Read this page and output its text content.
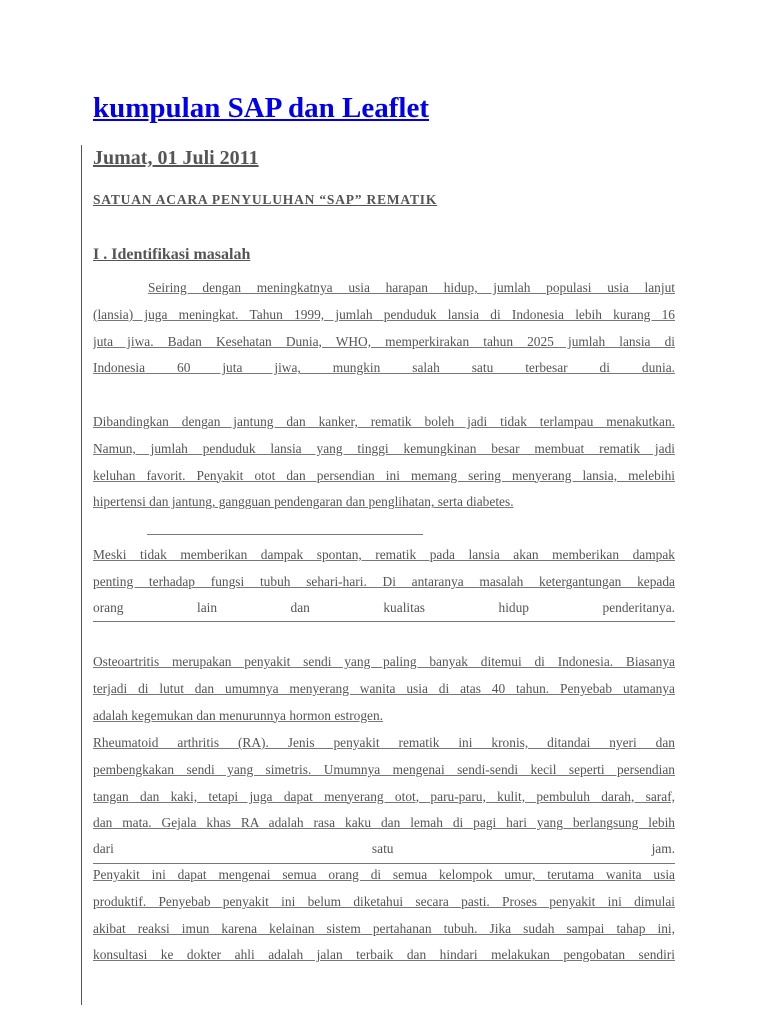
kumpulan SAP dan Leaflet
Jumat, 01 Juli 2011
SATUAN ACARA PENYULUHAN “SAP” REMATIK
I . Identifikasi masalah

Seiring dengan meningkatnya usia harapan hidup, jumlah populasi usia lanjut
(lansia) juga meningkat. Tahun 1999, jumlah penduduk lansia di Indonesia lebih kurang 16
juta jiwa. Badan Kesehatan Dunia, WHO, memperkirakan tahun 2025 jumlah lansia di
Indonesia 60 juta jiwa, mungkin salah satu terbesar di dunia.

Dibandingkan dengan jantung dan kanker, rematik boleh jadi tidak terlampau menakutkan.
Namun, jumlah penduduk lansia yang tinggi kemungkinan besar membuat rematik jadi
keluhan favorit. Penyakit otot dan persendian ini memang sering menyerang lansia, melebihi
hipertensi dan jantung, gangguan pendengaran dan penglihatan, serta diabetes.

Meski tidak memberikan dampak spontan, rematik pada lansia akan memberikan dampak
penting terhadap fungsi tubuh sehari-hari. Di antaranya masalah ketergantungan kepada
orang lain dan kualitas hidup penderitanya.

Osteoartritis merupakan penyakit sendi yang paling banyak ditemui di Indonesia. Biasanya
terjadi di lutut dan umumnya menyerang wanita usia di atas 40 tahun. Penyebab utamanya
adalah kegemukan dan menurunnya hormon estrogen.

Rheumatoid arthritis (RA). Jenis penyakit rematik ini kronis, ditandai nyeri dan
pembengkakan sendi yang simetris. Umumnya mengenai sendi-sendi kecil seperti persendian
tangan dan kaki, tetapi juga dapat menyerang otot, paru-paru, kulit, pembuluh darah, saraf,
dan mata. Gejala khas RA adalah rasa kaku dan lemah di pagi hari yang berlangsung lebih
dari satu jam.

Penyakit ini dapat mengenai semua orang di semua kelompok umur, terutama wanita usia
produktif. Penyebab penyakit ini belum diketahui secara pasti. Proses penyakit ini dimulai
akibat reaksi imun karena kelainan sistem pertahanan tubuh. Jika sudah sampai tahap ini,
konsultasi ke dokter ahli adalah jalan terbaik dan hindari melakukan pengobatan sendiri
